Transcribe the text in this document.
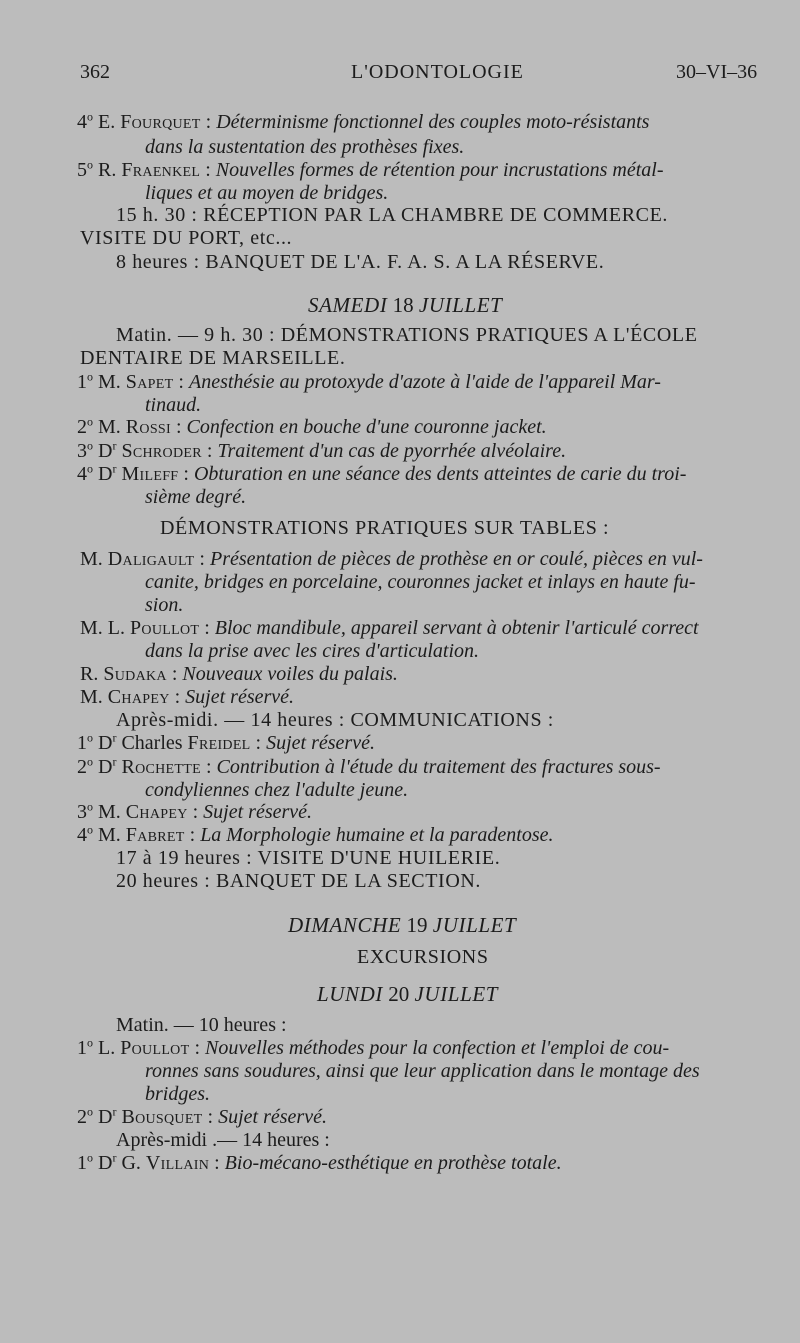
362	L'ODONTOLOGIE	30–VI–36
4$^o$ E. Fourquet : Déterminisme fonctionnel des couples moto-résistants
dans la sustentation des prothèses fixes.
5$^o$ R. Fraenkel : Nouvelles formes de rétention pour incrustations métal-
liques et au moyen de bridges.
15 h. 30 : RÉCEPTION PAR LA CHAMBRE DE COMMERCE.
VISITE DU PORT, etc...
8 heures : BANQUET DE L'A. F. A. S. A LA RÉSERVE.
SAMEDI 18 JUILLET
Matin. — 9 h. 30 : DÉMONSTRATIONS PRATIQUES A L'ÉCOLE
DENTAIRE DE MARSEILLE.
1$^o$ M. Sapet : Anesthésie au protoxyde d'azote à l'aide de l'appareil Mar-
tinaud.
2$^o$ M. Rossi : Confection en bouche d'une couronne jacket.
3$^o$ $D^r$ Schroder : Traitement d'un cas de pyorrhée alvéolaire.
4$^o$ $D^r$ Mileff : Obturation en une séance des dents atteintes de carie du troi-
sième degré.
DÉMONSTRATIONS PRATIQUES SUR TABLES :
M. Daligault : Présentation de pièces de prothèse en or coulé, pièces en vul-
canite, bridges en porcelaine, couronnes jacket et inlays en haute fu-
sion.
M. L. Poullot : Bloc mandibule, appareil servant à obtenir l'articulé correct
dans la prise avec les cires d'articulation.
R. Sudaka : Nouveaux voiles du palais.
M. Chapey : Sujet réservé.
Après-midi. — 14 heures : COMMUNICATIONS :
1$^o$ $D^r$ Charles Freidel : Sujet réservé.
2$^o$ $D^r$ Rochette : Contribution à l'étude du traitement des fractures sous-
condyliennes chez l'adulte jeune.
3$^o$ M. Chapey : Sujet réservé.
4$^o$ M. Fabret : La Morphologie humaine et la paradentose.
17 à 19 heures : VISITE D'UNE HUILERIE.
20 heures : BANQUET DE LA SECTION.
DIMANCHE 19 JUILLET
EXCURSIONS
LUNDI 20 JUILLET
Matin. — 10 heures :
1$^o$ L. Poullot : Nouvelles méthodes pour la confection et l'emploi de cou-
ronnes sans soudures, ainsi que leur application dans le montage des
bridges.
2$^o$ $D^r$ Bousquet : Sujet réservé.
Après-midi .— 14 heures :
1$^o$ $D^r$ G. Villain : Bio-mécano-esthétique en prothèse totale.
